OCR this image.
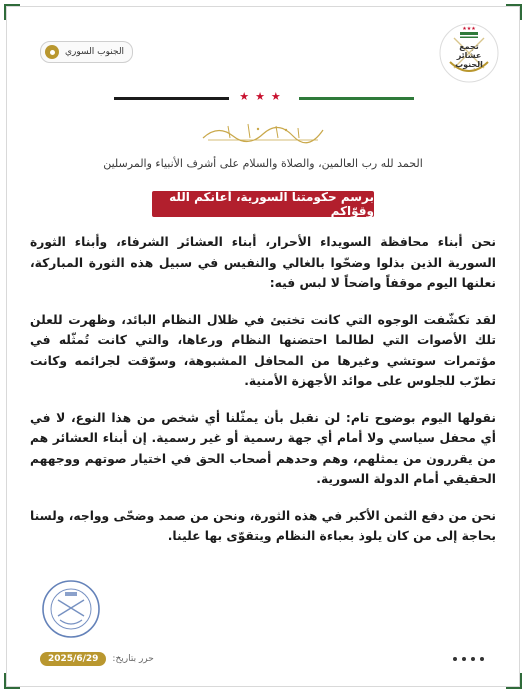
★★★
تجمع
عشائر
الجنوب
الجنوب السوري
★★★
الحمد لله رب العالمين، والصلاة والسلام على أشرف الأنبياء والمرسلين
برسم حكومتنا السورية، أعانكم الله وقوّاكم

نحن أبناء محافظة السويداء الأحرار، أبناء العشائر الشرفاء، وأبناء الثورة السورية الذين بذلوا وضحّوا بالغالي والنفيس في سبيل هذه الثورة المباركة، نعلنها اليوم موقفاً واضحاً لا لبس فيه:

لقد تكشّفت الوجوه التي كانت تختبئ في ظلال النظام البائد، وظهرت للعلن تلك الأصوات التي لطالما احتضنها النظام ورعاها، والتي كانت تُمثّله في مؤتمرات سوتشي وغيرها من المحافل المشبوهة، وسوّقت لجرائمه وكانت تطرّب للجلوس على موائد الأجهزة الأمنية.

نقولها اليوم بوضوح تام: لن نقبل بأن يمثّلنا أي شخص من هذا النوع، لا في أي محفل سياسي ولا أمام أي جهة رسمية أو غير رسمية. إن أبناء العشائر هم من يقررون من يمثلهم، وهم وحدهم أصحاب الحق في اختيار صوتهم ووجههم الحقيقي أمام الدولة السورية.

نحن من دفع الثمن الأكبر في هذه الثورة، ونحن من صمد وضحّى وواجه، ولسنا بحاجة إلى من كان يلوذ بعباءة النظام ويتقوّى بها علينا.

حرر بتاريخ:
2025/6/29
